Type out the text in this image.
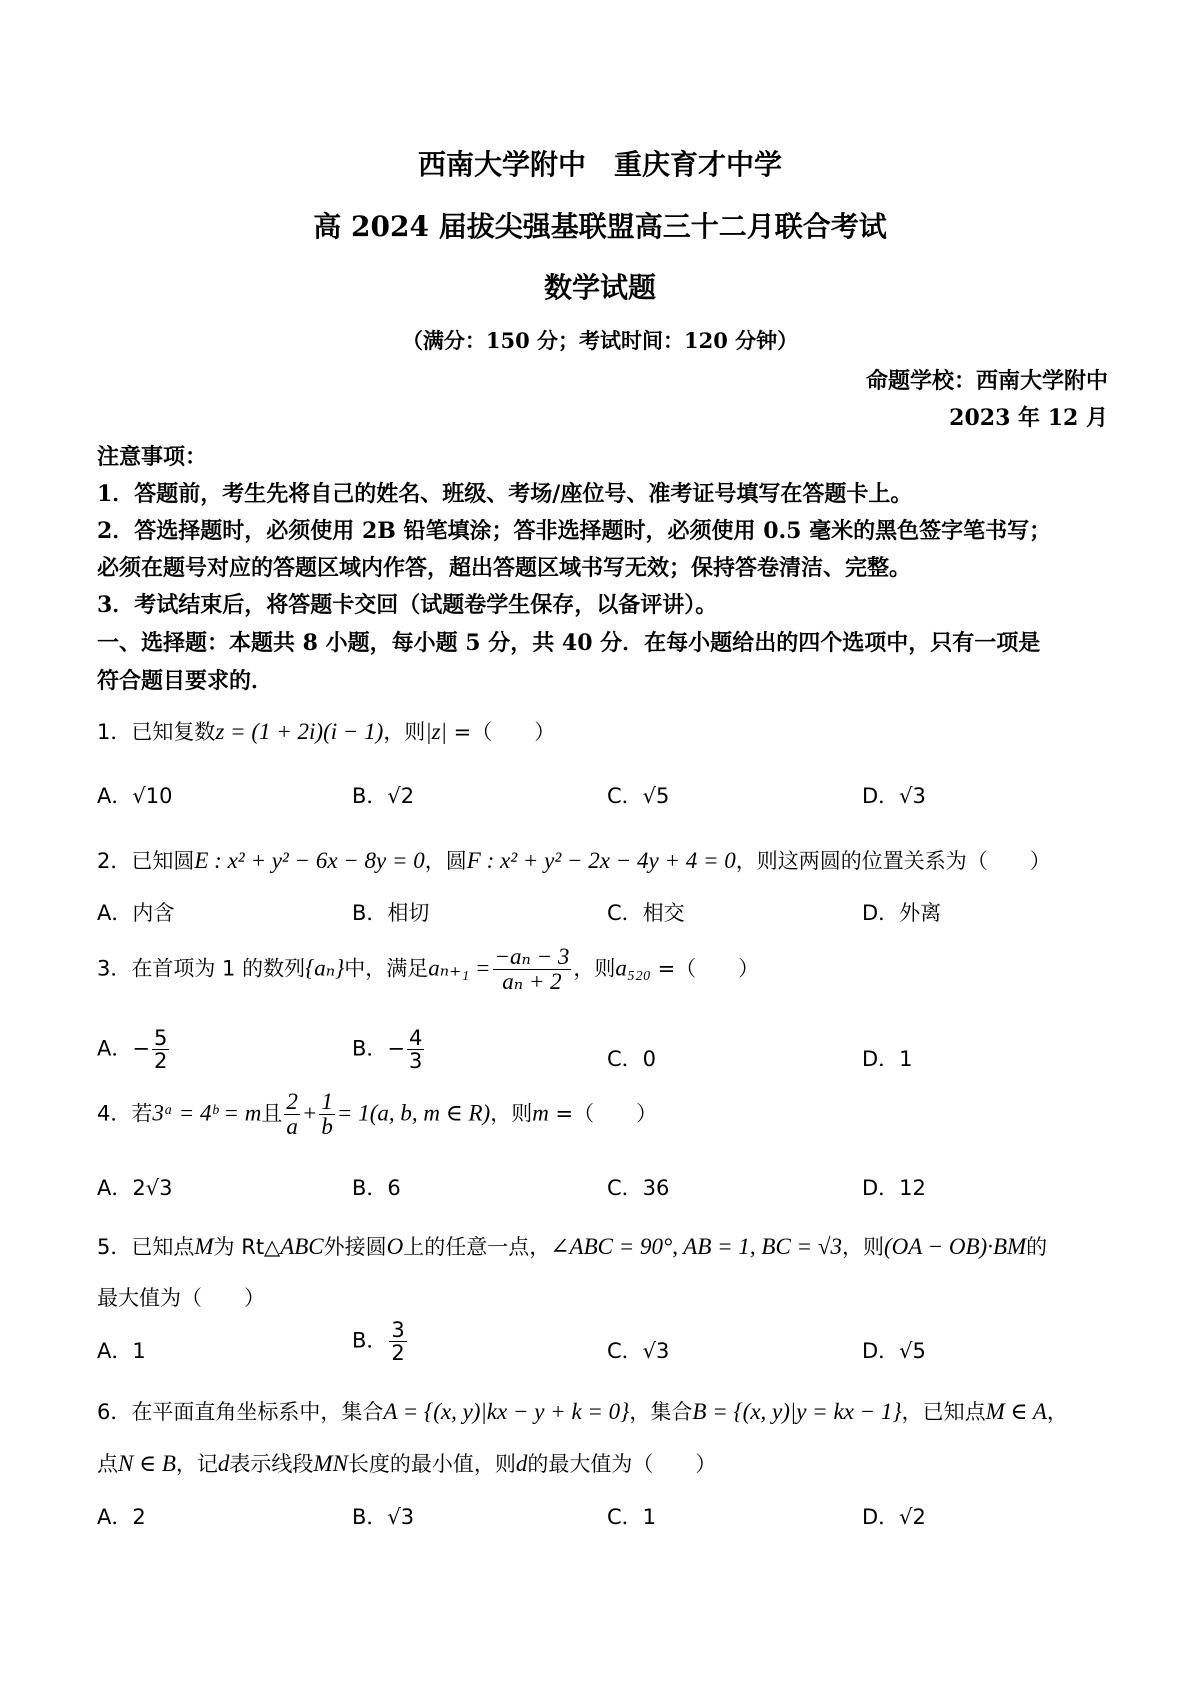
西南大学附中　重庆育才中学
高 2024 届拔尖强基联盟高三十二月联合考试
数学试题
（满分：150 分；考试时间：120 分钟）
命题学校：西南大学附中
2023 年 12 月
注意事项：
1．答题前，考生先将自己的姓名、班级、考场/座位号、准考证号填写在答题卡上。
2．答选择题时，必须使用 2B 铅笔填涂；答非选择题时，必须使用 0.5 毫米的黑色签字笔书写；
必须在题号对应的答题区域内作答，超出答题区域书写无效；保持答卷清洁、完整。
3．考试结束后，将答题卡交回（试题卷学生保存，以备评讲）。
一、选择题：本题共 8 小题，每小题 5 分，共 40 分．在每小题给出的四个选项中，只有一项是
符合题目要求的．
1．已知复数z = (1 + 2i)(i − 1)，则|z| =（　　）
A．√10	B．√2	C．√5	D．√3
2．已知圆E : x² + y² − 6x − 8y = 0，圆F : x² + y² − 2x − 4y + 4 = 0，则这两圆的位置关系为（　　）
A．内含	B．相切	C．相交	D．外离
3．在首项为 1 的数列{aₙ}中，满足$a_{n+1} = \frac{\text{−aₙ − 3}}{\text{aₙ + 2}}$ ，则a₅₂₀ =（　　）
A．− $\frac{5}{2}$	B．− $\frac{4}{3}$	C．0	D．1
4．若3ᵃ = 4ᵇ = m且 $\frac{2}{a} + \frac{1}{b} = 1(a$, b, m ∈ R)，则m =（　　）
A．2√3	B．6	C．36	D．12
5．已知点M为 Rt△ABC外接圆O上的任意一点，∠ABC = 90°, AB = 1, BC = √3，则(OA − OB)·BM的
最大值为（　　）
A．1	B． $\frac{3}{2}$	C．√3	D．√5
6．在平面直角坐标系中，集合A = {(x, y)|kx − y + k = 0}，集合B = {(x, y)|y = kx − 1}，已知点M ∈ A，
点N ∈ B，记d表示线段MN长度的最小值，则d的最大值为（　　）
A．2	B．√3	C．1	D．√2
